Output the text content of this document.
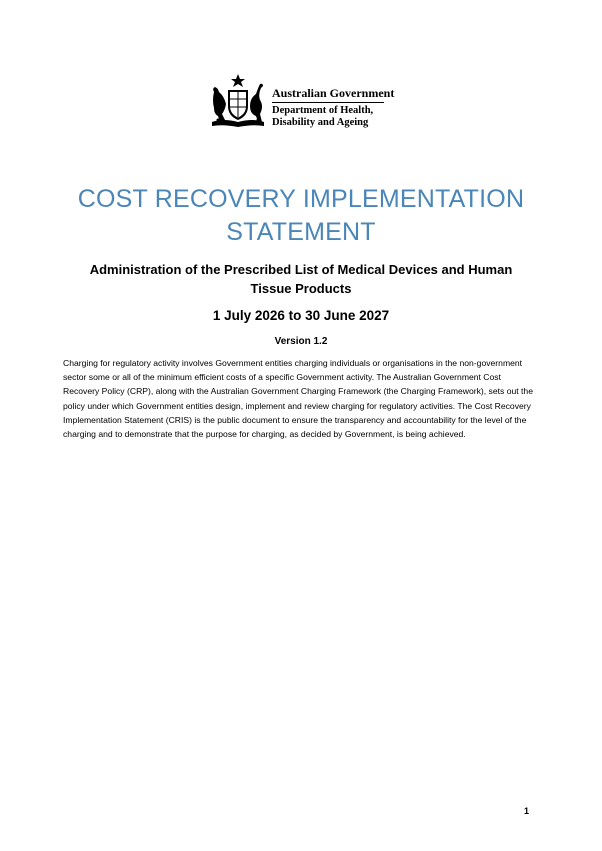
Australian Government
Department of Health,
Disability and Ageing
COST RECOVERY IMPLEMENTATION
STATEMENT
Administration of the Prescribed List of Medical Devices and Human
Tissue Products
1 July 2026 to 30 June 2027
Version 1.2
Charging for regulatory activity involves Government entities charging individuals or organisations in the non-government sector some or all of the minimum efficient costs of a specific Government activity. The Australian Government Cost Recovery Policy (CRP), along with the Australian Government Charging Framework (the Charging Framework), sets out the policy under which Government entities design, implement and review charging for regulatory activities. The Cost Recovery Implementation Statement (CRIS) is the public document to ensure the transparency and accountability for the level of the charging and to demonstrate that the purpose for charging, as decided by Government, is being achieved.
1
